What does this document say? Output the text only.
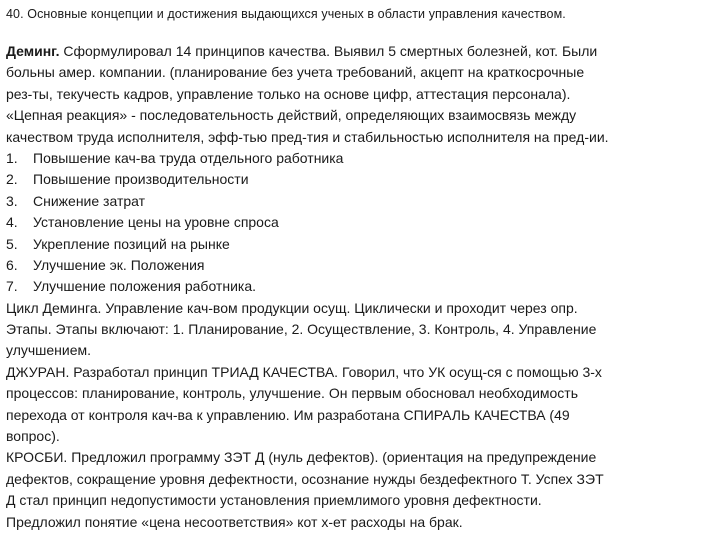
40. Основные концепции и достижения выдающихся ученых в области управления качеством.
Деминг. Сформулировал 14 принципов качества. Выявил 5 смертных болезней, кот. Были
больны амер. компании. (планирование без учета требований, акцепт на краткосрочные
рез-ты, текучесть кадров, управление только на основе цифр, аттестация персонала).
«Цепная реакция» - последовательность действий, определяющих взаимосвязь между
качеством труда исполнителя, эфф-тью пред-тия и стабильностью исполнителя на пред-ии.
1. Повышение кач-ва труда отдельного работника
2. Повышение производительности
3. Снижение затрат
4. Установление цены на уровне спроса
5. Укрепление позиций на рынке
6. Улучшение эк. Положения
7. Улучшение положения работника.
Цикл Деминга. Управление кач-вом продукции осущ. Циклически и проходит через опр.
Этапы. Этапы включают: 1. Планирование, 2. Осуществление, 3. Контроль, 4. Управление
улучшением.
ДЖУРАН. Разработал принцип ТРИАД КАЧЕСТВА. Говорил, что УК осущ-ся с помощью 3-х
процессов: планирование, контроль, улучшение. Он первым обосновал необходимость
перехода от контроля кач-ва к управлению. Им разработана СПИРАЛЬ КАЧЕСТВА (49
вопрос).
КРОСБИ. Предложил программу ЗЭТ Д (нуль дефектов). (ориентация на предупреждение
дефектов, сокращение уровня дефектности, осознание нужды бездефектного Т. Успех ЗЭТ
Д стал принцип недопустимости установления приемлимого уровня дефектности.
Предложил понятие «цена несоответствия» кот х-ет расходы на брак.
